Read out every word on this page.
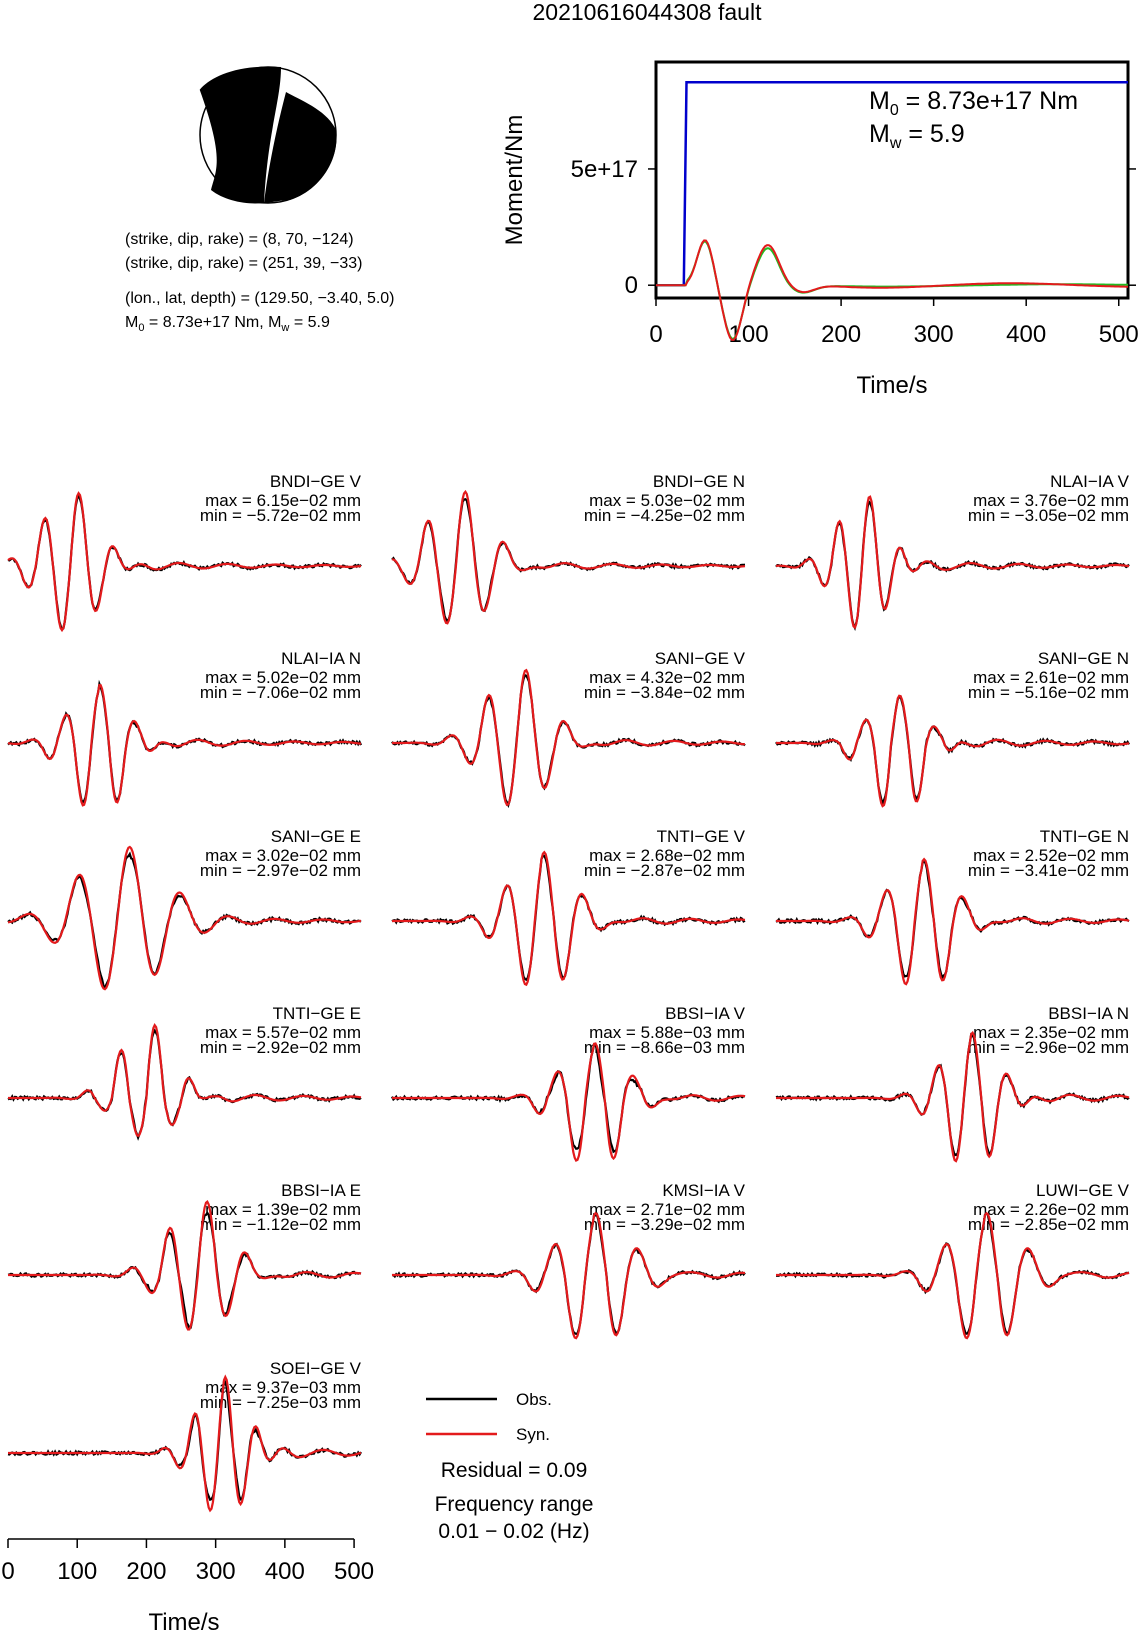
20210616044308 fault
(strike, dip, rake) = (8, 70, −124)
(strike, dip, rake) = (251, 39, −33)
(lon., lat, depth) = (129.50, −3.40, 5.0)
$M_0 = 8.73e+17$ Nm, $M_w = 5.9$	0	100 200 300 400 500
0
5e+17
Time/s
Moment/Nm
$M_0 = 8.73e+17$ Nm
$M_w = 5.9$
BNDI−GE V
max = 6.15e−02 mm
min = −5.72e−02 mm
BNDI−GE N
max = 5.03e−02 mm
min = −4.25e−02 mm
NLAI−IA V
max = 3.76e−02 mm
min = −3.05e−02 mm
NLAI−IA N
max = 5.02e−02 mm
min = −7.06e−02 mm
SANI−GE V
max = 4.32e−02 mm
min = −3.84e−02 mm
SANI−GE N
max = 2.61e−02 mm
min = −5.16e−02 mm
SANI−GE E
max = 3.02e−02 mm
min = −2.97e−02 mm
TNTI−GE V
max = 2.68e−02 mm
min = −2.87e−02 mm
TNTI−GE N
max = 2.52e−02 mm
min = −3.41e−02 mm
TNTI−GE E
max = 5.57e−02 mm
min = −2.92e−02 mm
BBSI−IA V
max = 5.88e−03 mm
min = −8.66e−03 mm
BBSI−IA N
max = 2.35e−02 mm
min = −2.96e−02 mm
BBSI−IA E
max = 1.39e−02 mm
min = −1.12e−02 mm
KMSI−IA V
max = 2.71e−02 mm
min = −3.29e−02 mm
LUWI−GE V
max = 2.26e−02 mm
min = −2.85e−02 mm
SOEI−GE V
max = 9.37e−03 mm
min = −7.25e−03 mm
0 100 200 300 400 500
Time/s
Obs.
Syn.
Residual = 0.09
Frequency range
0.01 − 0.02 (Hz)
